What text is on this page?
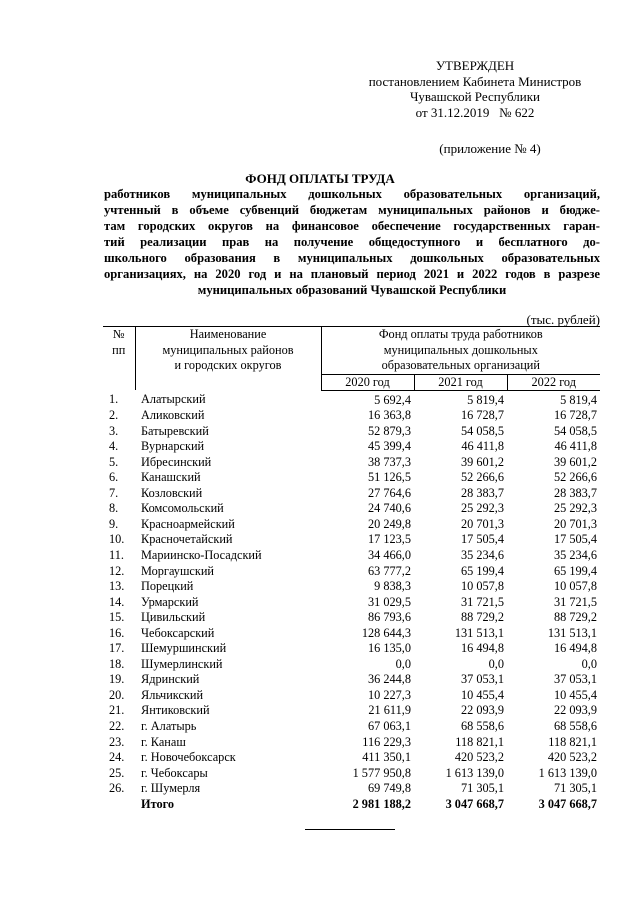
УТВЕРЖДЕН
постановлением Кабинета Министров
Чувашской Республики
от 31.12.2019   № 622
(приложение № 4)
ФОНД ОПЛАТЫ ТРУДА
работников муниципальных дошкольных образовательных организаций,
учтенный в объеме субвенций бюджетам муниципальных районов и бюдже-
там городских округов на финансовое обеспечение государственных гаран-
тий реализации прав на получение общедоступного и бесплатного до-
школьного образования в муниципальных дошкольных образовательных
организациях, на 2020 год и на плановый период 2021 и 2022 годов в разрезе
муниципальных образований Чувашской Республики
(тыс. рублей)
№
пп	Наименование
муниципальных районов
и городских округов	Фонд оплаты труда работников
муниципальных дошкольных
образовательных организаций		
		2020 год	2021 год	2022 год
1.	Алатырский	5 692,4	5 819,4	5 819,4
2.	Аликовский	16 363,8	16 728,7	16 728,7
3.	Батыревский	52 879,3	54 058,5	54 058,5
4.	Вурнарский	45 399,4	46 411,8	46 411,8
5.	Ибресинский	38 737,3	39 601,2	39 601,2
6.	Канашский	51 126,5	52 266,6	52 266,6
7.	Козловский	27 764,6	28 383,7	28 383,7
8.	Комсомольский	24 740,6	25 292,3	25 292,3
9.	Красноармейский	20 249,8	20 701,3	20 701,3
10.	Красночетайский	17 123,5	17 505,4	17 505,4
11.	Мариинско-Посадский	34 466,0	35 234,6	35 234,6
12.	Моргаушский	63 777,2	65 199,4	65 199,4
13.	Порецкий	9 838,3	10 057,8	10 057,8
14.	Урмарский	31 029,5	31 721,5	31 721,5
15.	Цивильский	86 793,6	88 729,2	88 729,2
16.	Чебоксарский	128 644,3	131 513,1	131 513,1
17.	Шемуршинский	16 135,0	16 494,8	16 494,8
18.	Шумерлинский	0,0	0,0	0,0
19.	Ядринский	36 244,8	37 053,1	37 053,1
20.	Яльчикский	10 227,3	10 455,4	10 455,4
21.	Янтиковский	21 611,9	22 093,9	22 093,9
22.	г. Алатырь	67 063,1	68 558,6	68 558,6
23.	г. Канаш	116 229,3	118 821,1	118 821,1
24.	г. Новочебоксарск	411 350,1	420 523,2	420 523,2
25.	г. Чебоксары	1 577 950,8	1 613 139,0	1 613 139,0
26.	г. Шумерля	69 749,8	71 305,1	71 305,1
	Итого	2 981 188,2	3 047 668,7	3 047 668,7
